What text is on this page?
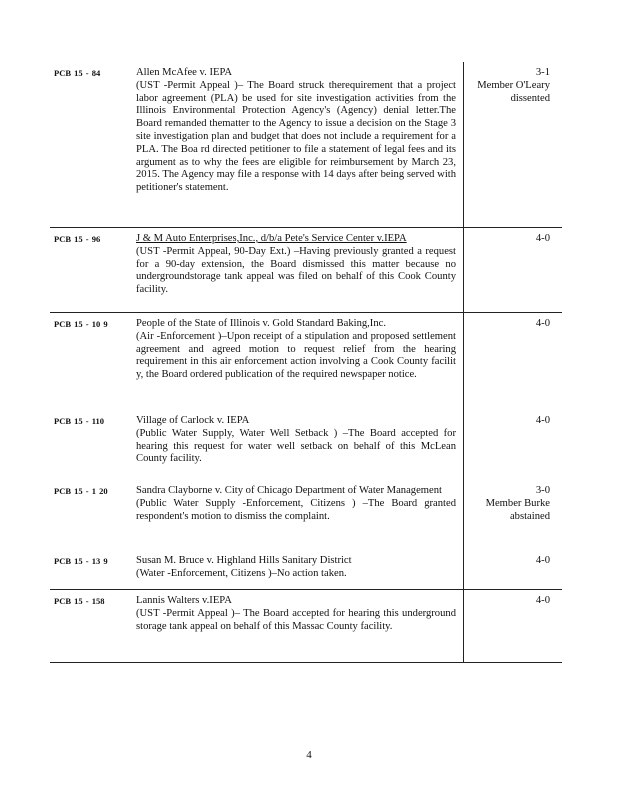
PCB 15 - 84	Allen McAfee v. IEPA
(UST -Permit Appeal )– The Board struck therequirement that a project labor agreement (PLA) be used for site investigation activities from the Illinois Environmental Protection Agency's (Agency) denial letter.The Board remanded thematter to the Agency to issue a decision on the Stage 3 site investigation plan and budget that does not include a requirement for a PLA. The Boa rd directed petitioner to file a statement of legal fees and its argument as to why the fees are eligible for reimbursement by March 23, 2015. The Agency may file a response with 14 days after being served with petitioner's statement.
3-1
Member O'Leary
dissented
PCB 15 - 96	J & M Auto Enterprises,Inc., d/b/a Pete's Service Center v.IEPA
(UST -Permit Appeal, 90-Day Ext.) –Having previously granted a request for a 90-day extension, the Board dismissed this matter because no undergroundstorage tank appeal was filed on behalf of this Cook County facility.
4-0
PCB 15 - 10 9	People of the State of Illinois v. Gold Standard Baking,Inc.
(Air -Enforcement )–Upon receipt of a stipulation and proposed settlement agreement and agreed motion to request relief from the hearing requirement in this air enforcement action involving a Cook County facilit y, the Board ordered publication of the required newspaper notice.
4-0
PCB 15 - 110	Village of Carlock v. IEPA
(Public Water Supply, Water Well Setback ) –The Board accepted for hearing this request for water well setback on behalf of this McLean County facility.
4-0
PCB 15 - 1 20	Sandra Clayborne v. City of Chicago Department of Water Management
(Public Water Supply -Enforcement, Citizens ) –The Board granted respondent's motion to dismiss the complaint.
3-0
Member Burke
abstained
PCB 15 - 13 9	Susan M. Bruce v. Highland Hills Sanitary District
(Water -Enforcement, Citizens )–No action taken.
4-0
PCB 15 - 158	Lannis Walters v.IEPA
(UST -Permit Appeal )– The Board accepted for hearing this underground storage tank appeal on behalf of this Massac County facility.
4-0
4
